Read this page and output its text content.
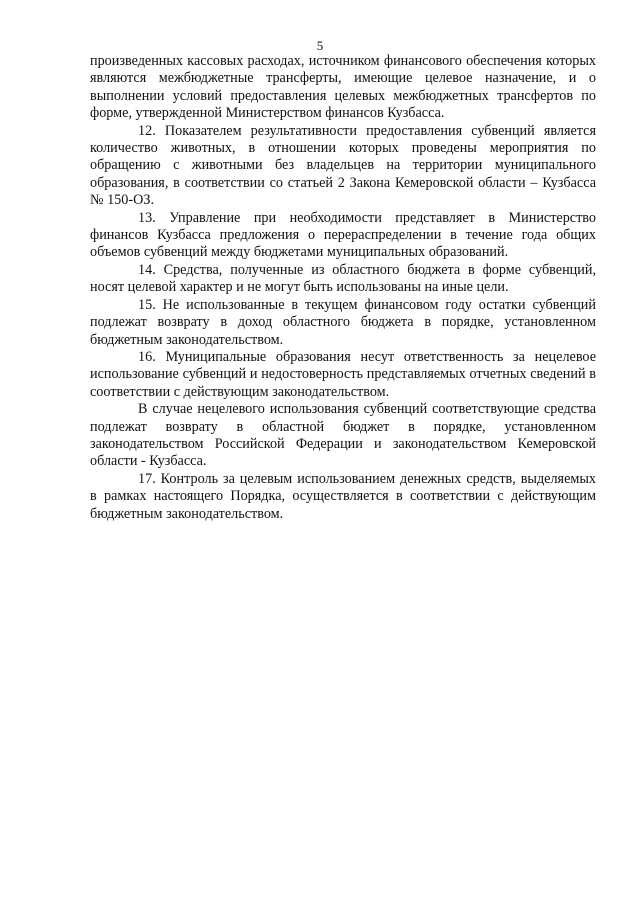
5

произведенных кассовых расходах, источником финансового обеспечения которых являются межбюджетные трансферты, имеющие целевое назначение, и о выполнении условий предоставления целевых межбюджетных трансфертов по форме, утвержденной Министерством финансов Кузбасса.

12. Показателем результативности предоставления субвенций является количество животных, в отношении которых проведены мероприятия по обращению с животными без владельцев на территории муниципального образования, в соответствии со статьей 2 Закона Кемеровской области – Кузбасса № 150-ОЗ.

13. Управление при необходимости представляет в Министерство финансов Кузбасса предложения о перераспределении в течение года общих объемов субвенций между бюджетами муниципальных образований.

14. Средства, полученные из областного бюджета в форме субвенций, носят целевой характер и не могут быть использованы на иные цели.

15. Не использованные в текущем финансовом году остатки субвенций подлежат возврату в доход областного бюджета в порядке, установленном бюджетным законодательством.

16. Муниципальные образования несут ответственность за нецелевое использование субвенций и недостоверность представляемых отчетных сведений в соответствии с действующим законодательством.

В случае нецелевого использования субвенций соответствующие средства подлежат возврату в областной бюджет в порядке, установленном законодательством Российской Федерации и законодательством Кемеровской области - Кузбасса.

17. Контроль за целевым использованием денежных средств, выделяемых в рамках настоящего Порядка, осуществляется в соответствии с действующим бюджетным законодательством.
